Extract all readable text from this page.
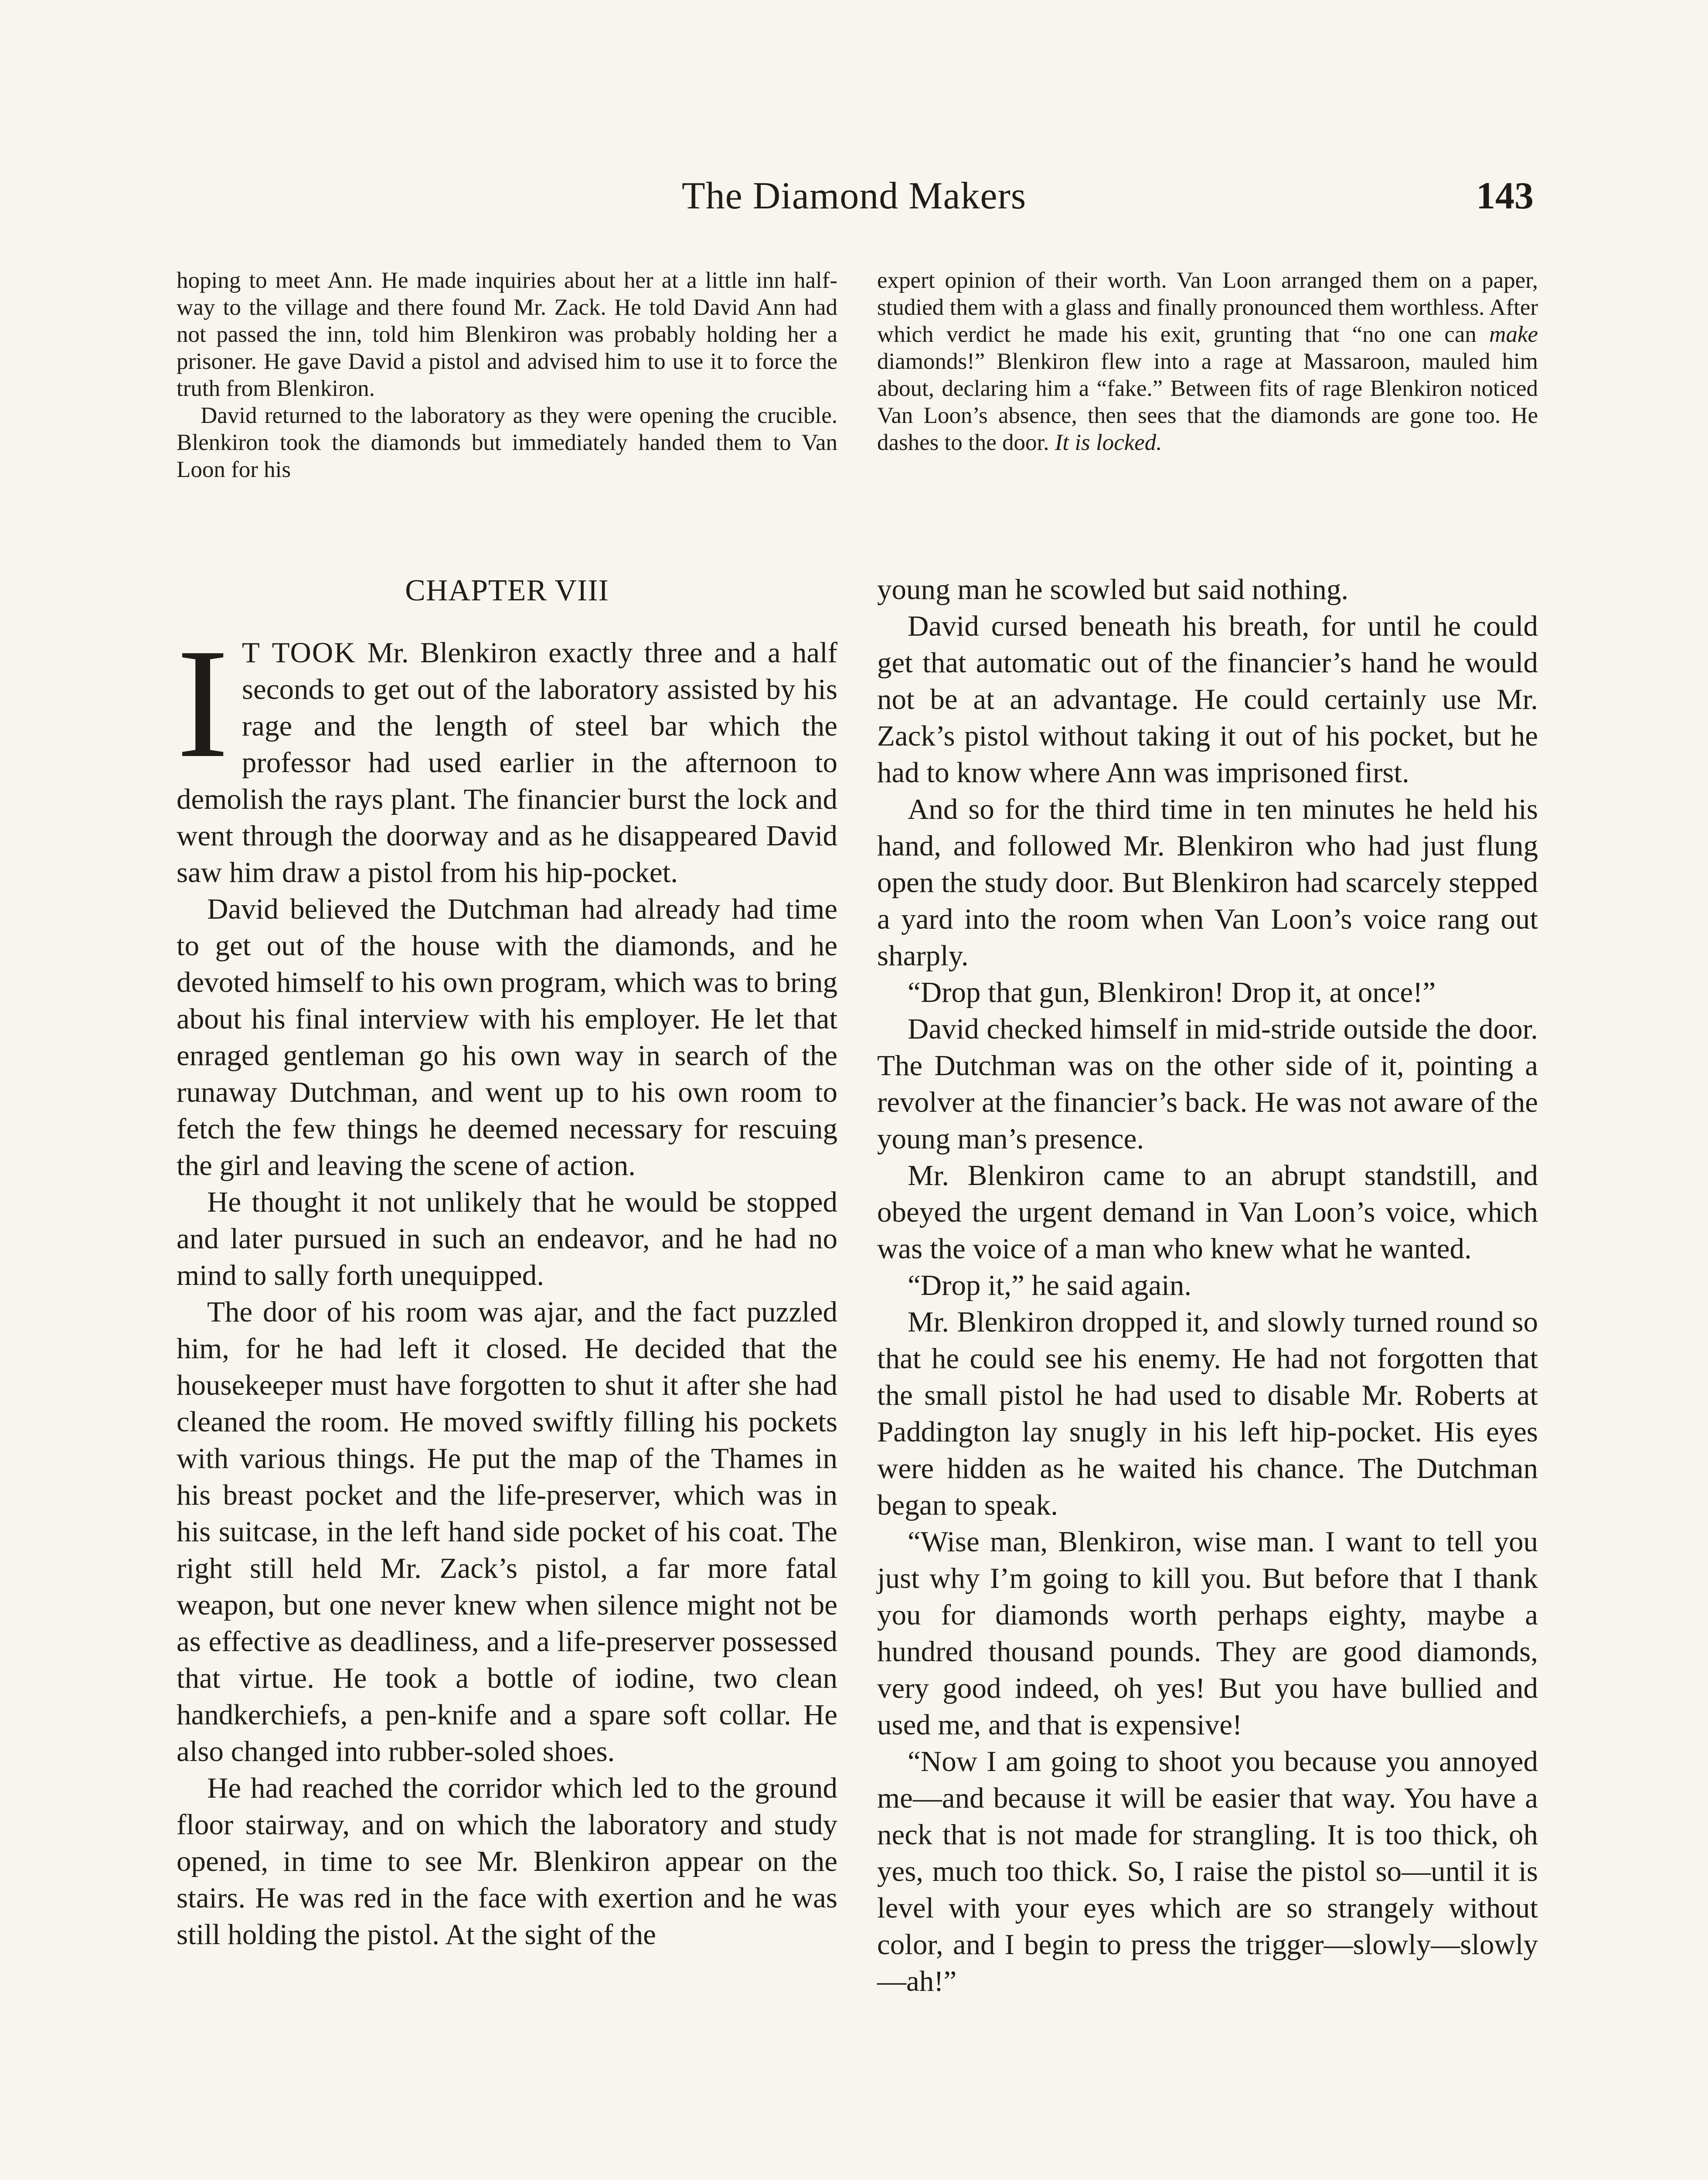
The Diamond Makers	143

hoping to meet Ann. He made inquiries about her at a little inn half-way to the village and there found Mr. Zack. He told David Ann had not passed the inn, told him Blenkiron was probably holding her a prisoner. He gave David a pistol and advised him to use it to force the truth from Blenkiron.

David returned to the laboratory as they were opening the crucible. Blenkiron took the diamonds but immediately handed them to Van Loon for his

expert opinion of their worth. Van Loon arranged them on a paper, studied them with a glass and finally pronounced them worthless. After which verdict he made his exit, grunting that “no one can make diamonds!” Blenkiron flew into a rage at Massaroon, mauled him about, declaring him a “fake.” Between fits of rage Blenkiron noticed Van Loon’s absence, then sees that the diamonds are gone too. He dashes to the door. It is locked.

CHAPTER VIII

I T TOOK Mr. Blenkiron exactly three and a half seconds to get out of the laboratory assisted by his rage and the length of steel bar which the professor had used earlier in the afternoon to demolish the rays plant. The financier burst the lock and went through the doorway and as he disappeared David saw him draw a pistol from his hip-pocket.

David believed the Dutchman had already had time to get out of the house with the diamonds, and he devoted himself to his own program, which was to bring about his final interview with his employer. He let that enraged gentleman go his own way in search of the runaway Dutchman, and went up to his own room to fetch the few things he deemed necessary for rescuing the girl and leaving the scene of action.

He thought it not unlikely that he would be stopped and later pursued in such an endeavor, and he had no mind to sally forth unequipped.

The door of his room was ajar, and the fact puzzled him, for he had left it closed. He decided that the housekeeper must have forgotten to shut it after she had cleaned the room. He moved swiftly filling his pockets with various things. He put the map of the Thames in his breast pocket and the life-preserver, which was in his suitcase, in the left hand side pocket of his coat. The right still held Mr. Zack’s pistol, a far more fatal weapon, but one never knew when silence might not be as effective as deadliness, and a life-preserver possessed that virtue. He took a bottle of iodine, two clean handkerchiefs, a pen-knife and a spare soft collar. He also changed into rubber-soled shoes.

He had reached the corridor which led to the ground floor stairway, and on which the laboratory and study opened, in time to see Mr. Blenkiron appear on the stairs. He was red in the face with exertion and he was still holding the pistol. At the sight of the

young man he scowled but said nothing.

David cursed beneath his breath, for until he could get that automatic out of the financier’s hand he would not be at an advantage. He could certainly use Mr. Zack’s pistol without taking it out of his pocket, but he had to know where Ann was imprisoned first.

And so for the third time in ten minutes he held his hand, and followed Mr. Blenkiron who had just flung open the study door. But Blenkiron had scarcely stepped a yard into the room when Van Loon’s voice rang out sharply.

“Drop that gun, Blenkiron! Drop it, at once!”

David checked himself in mid-stride outside the door. The Dutchman was on the other side of it, pointing a revolver at the financier’s back. He was not aware of the young man’s presence.

Mr. Blenkiron came to an abrupt standstill, and obeyed the urgent demand in Van Loon’s voice, which was the voice of a man who knew what he wanted.

“Drop it,” he said again.

Mr. Blenkiron dropped it, and slowly turned round so that he could see his enemy. He had not forgotten that the small pistol he had used to disable Mr. Roberts at Paddington lay snugly in his left hip-pocket. His eyes were hidden as he waited his chance. The Dutchman began to speak.

“Wise man, Blenkiron, wise man. I want to tell you just why I’m going to kill you. But before that I thank you for diamonds worth perhaps eighty, maybe a hundred thousand pounds. They are good diamonds, very good indeed, oh yes! But you have bullied and used me, and that is expensive!

“Now I am going to shoot you because you annoyed me—and because it will be easier that way. You have a neck that is not made for strangling. It is too thick, oh yes, much too thick. So, I raise the pistol so—until it is level with your eyes which are so strangely without color, and I begin to press the trigger—slowly—slowly—ah!”
